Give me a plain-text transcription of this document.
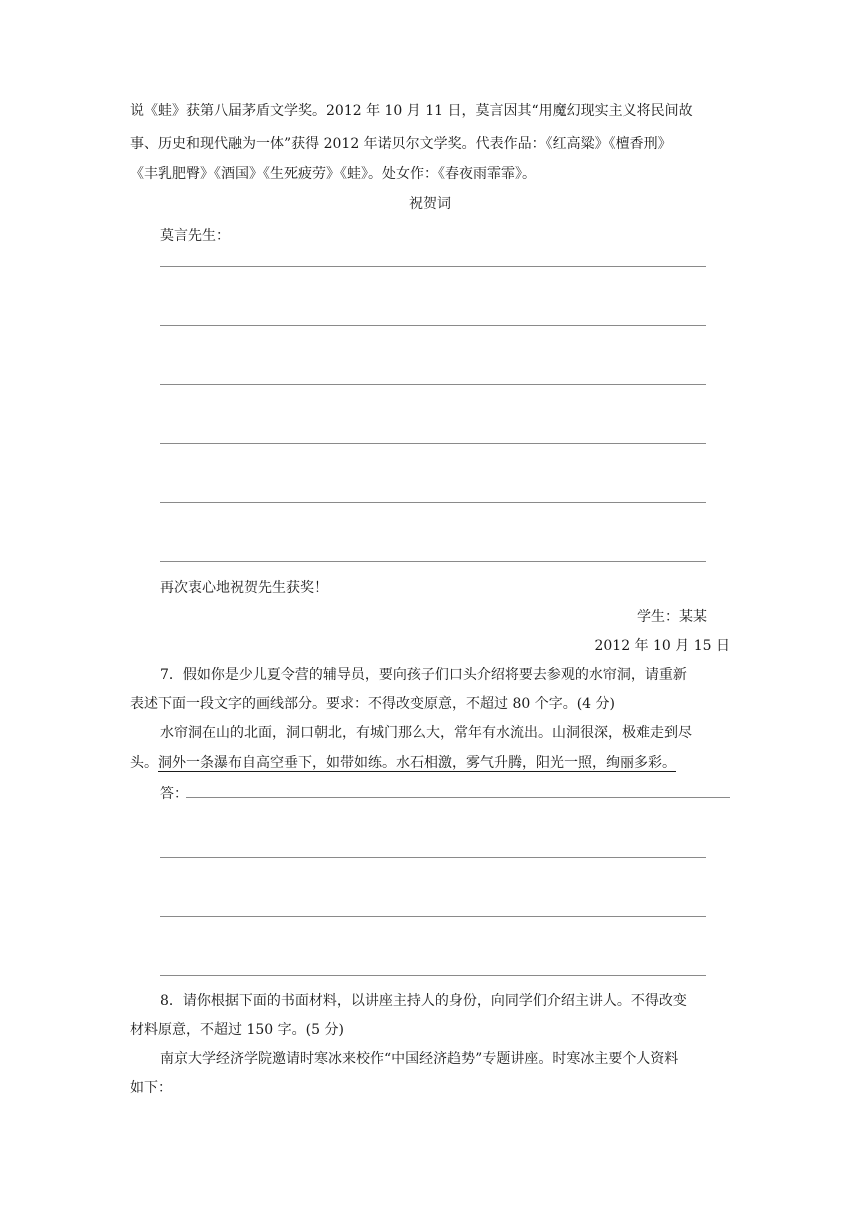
说《蛙》获第八届茅盾文学奖。2012 年 10 月 11 日，莫言因其“用魔幻现实主义将民间故
事、历史和现代融为一体”获得 2012 年诺贝尔文学奖。代表作品：《红高粱》《檀香刑》
《丰乳肥臀》《酒国》《生死疲劳》《蛙》。处女作：《春夜雨霏霏》。
祝贺词
莫言先生：
再次衷心地祝贺先生获奖！
学生：某某
2012 年 10 月 15 日
7．假如你是少儿夏令营的辅导员，要向孩子们口头介绍将要去参观的水帘洞，请重新
表述下面一段文字的画线部分。要求：不得改变原意，不超过 80 个字。(4 分)
水帘洞在山的北面，洞口朝北，有城门那么大，常年有水流出。山洞很深，极难走到尽
头。洞外一条瀑布自高空垂下，如带如练。水石相激，雾气升腾，阳光一照，绚丽多彩。
答：
8．请你根据下面的书面材料，以讲座主持人的身份，向同学们介绍主讲人。不得改变
材料原意，不超过 150 字。(5 分)
南京大学经济学院邀请时寒冰来校作“中国经济趋势”专题讲座。时寒冰主要个人资料
如下：
